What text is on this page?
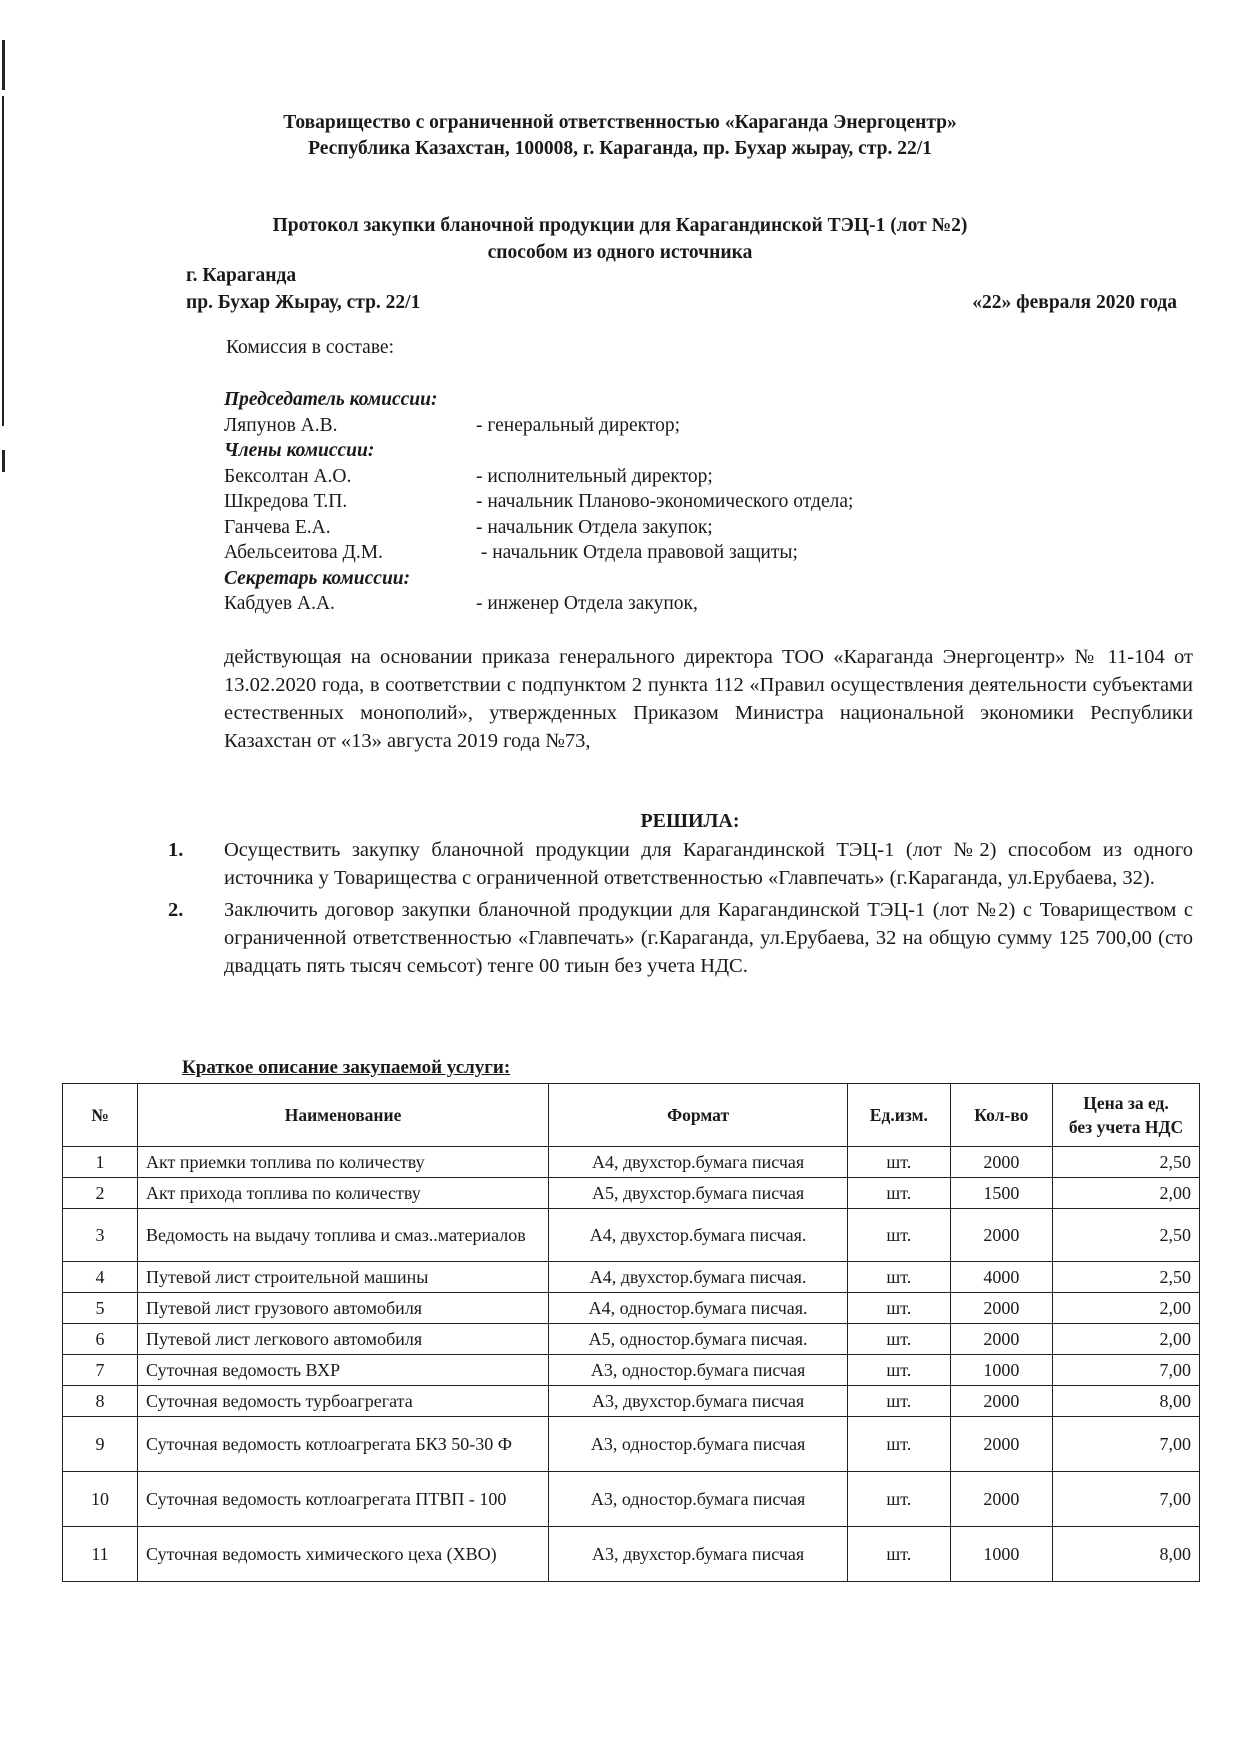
Товарищество с ограниченной ответственностью «Караганда Энергоцентр»
Республика Казахстан, 100008, г. Караганда, пр. Бухар жырау, стр. 22/1
Протокол закупки бланочной продукции для Карагандинской ТЭЦ-1 (лот №2)
способом из одного источника
г. Караганда
пр. Бухар Жырау, стр. 22/1	«22» февраля 2020 года
Комиссия в составе:
Председатель комиссии:
Ляпунов А.В.	- генеральный директор;
Члены комиссии:
Бексолтан А.О.	- исполнительный директор;
Шкредова Т.П.	- начальник Планово-экономического отдела;
Ганчева Е.А.	- начальник Отдела закупок;
Абельсеитова Д.М.	- начальник Отдела правовой защиты;
Секретарь комиссии:
Кабдуев А.А.	- инженер Отдела закупок,
действующая на основании приказа генерального директора ТОО «Караганда Энергоцентр» № 11-104 от 13.02.2020 года, в соответствии с подпунктом 2 пункта 112 «Правил осуществления деятельности субъектами естественных монополий», утвержденных Приказом Министра национальной экономики Республики Казахстан от «13» августа 2019 года №73,
РЕШИЛА:
1.	Осуществить закупку бланочной продукции для Карагандинской ТЭЦ-1 (лот №2) способом из одного источника у Товарищества с ограниченной ответственностью «Главпечать» (г.Караганда, ул.Ерубаева, 32).
2.	Заключить договор закупки бланочной продукции для Карагандинской ТЭЦ-1 (лот №2) с Товариществом с ограниченной ответственностью «Главпечать» (г.Караганда, ул.Ерубаева, 32 на общую сумму 125 700,00 (сто двадцать пять тысяч семьсот) тенге 00 тиын без учета НДС.
Краткое описание закупаемой услуги:
№	Наименование	Формат	Ед.изм.	Кол-во	Цена за ед.
без учета НДС

1	Акт приемки топлива по количеству	А4, двухстор.бумага писчая	шт.	2000	2,50
2	Акт прихода топлива по количеству	А5, двухстор.бумага писчая	шт.	1500	2,00
3	Ведомость на выдачу топлива и смаз..материалов	А4, двухстор.бумага писчая.	шт.	2000	2,50
4	Путевой лист строительной машины	А4, двухстор.бумага писчая.	шт.	4000	2,50
5	Путевой лист грузового автомобиля	А4, одностор.бумага писчая.	шт.	2000	2,00
6	Путевой лист легкового автомобиля	А5, одностор.бумага писчая.	шт.	2000	2,00
7	Суточная ведомость ВХР	А3, одностор.бумага писчая	шт.	1000	7,00
8	Суточная ведомость турбоагрегата	А3, двухстор.бумага писчая	шт.	2000	8,00
9	Суточная ведомость котлоагрегата БКЗ 50-30 Ф	А3, одностор.бумага писчая	шт.	2000	7,00
10	Суточная ведомость котлоагрегата ПТВП - 100	А3, одностор.бумага писчая	шт.	2000	7,00
11	Суточная ведомость химического цеха (ХВО)	А3, двухстор.бумага писчая	шт.	1000	8,00
